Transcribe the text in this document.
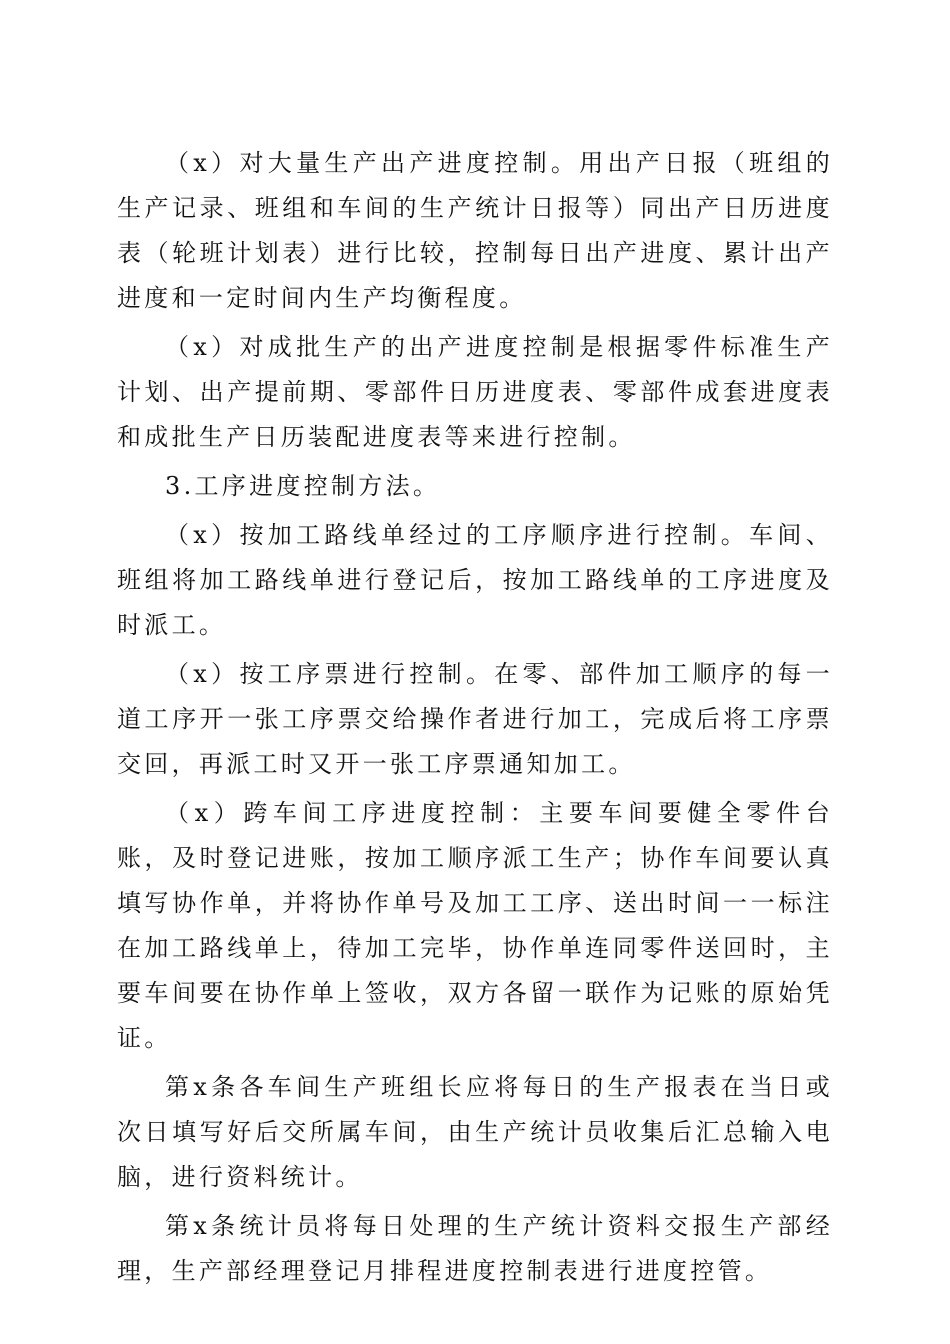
（x）对大量生产出产进度控制。用出产日报（班组的生产记录、班组和车间的生产统计日报等）同出产日历进度表（轮班计划表）进行比较，控制每日出产进度、累计出产进度和一定时间内生产均衡程度。

（x）对成批生产的出产进度控制是根据零件标准生产计划、出产提前期、零部件日历进度表、零部件成套进度表和成批生产日历装配进度表等来进行控制。

3.工序进度控制方法。

（x）按加工路线单经过的工序顺序进行控制。车间、班组将加工路线单进行登记后，按加工路线单的工序进度及时派工。

（x）按工序票进行控制。在零、部件加工顺序的每一道工序开一张工序票交给操作者进行加工，完成后将工序票交回，再派工时又开一张工序票通知加工。

（x）跨车间工序进度控制：主要车间要健全零件台账，及时登记进账，按加工顺序派工生产；协作车间要认真填写协作单，并将协作单号及加工工序、送出时间一一标注在加工路线单上，待加工完毕，协作单连同零件送回时，主要车间要在协作单上签收，双方各留一联作为记账的原始凭证。

第x条各车间生产班组长应将每日的生产报表在当日或次日填写好后交所属车间，由生产统计员收集后汇总输入电脑，进行资料统计。

第x条统计员将每日处理的生产统计资料交报生产部经理，生产部经理登记月排程进度控制表进行进度控管。
